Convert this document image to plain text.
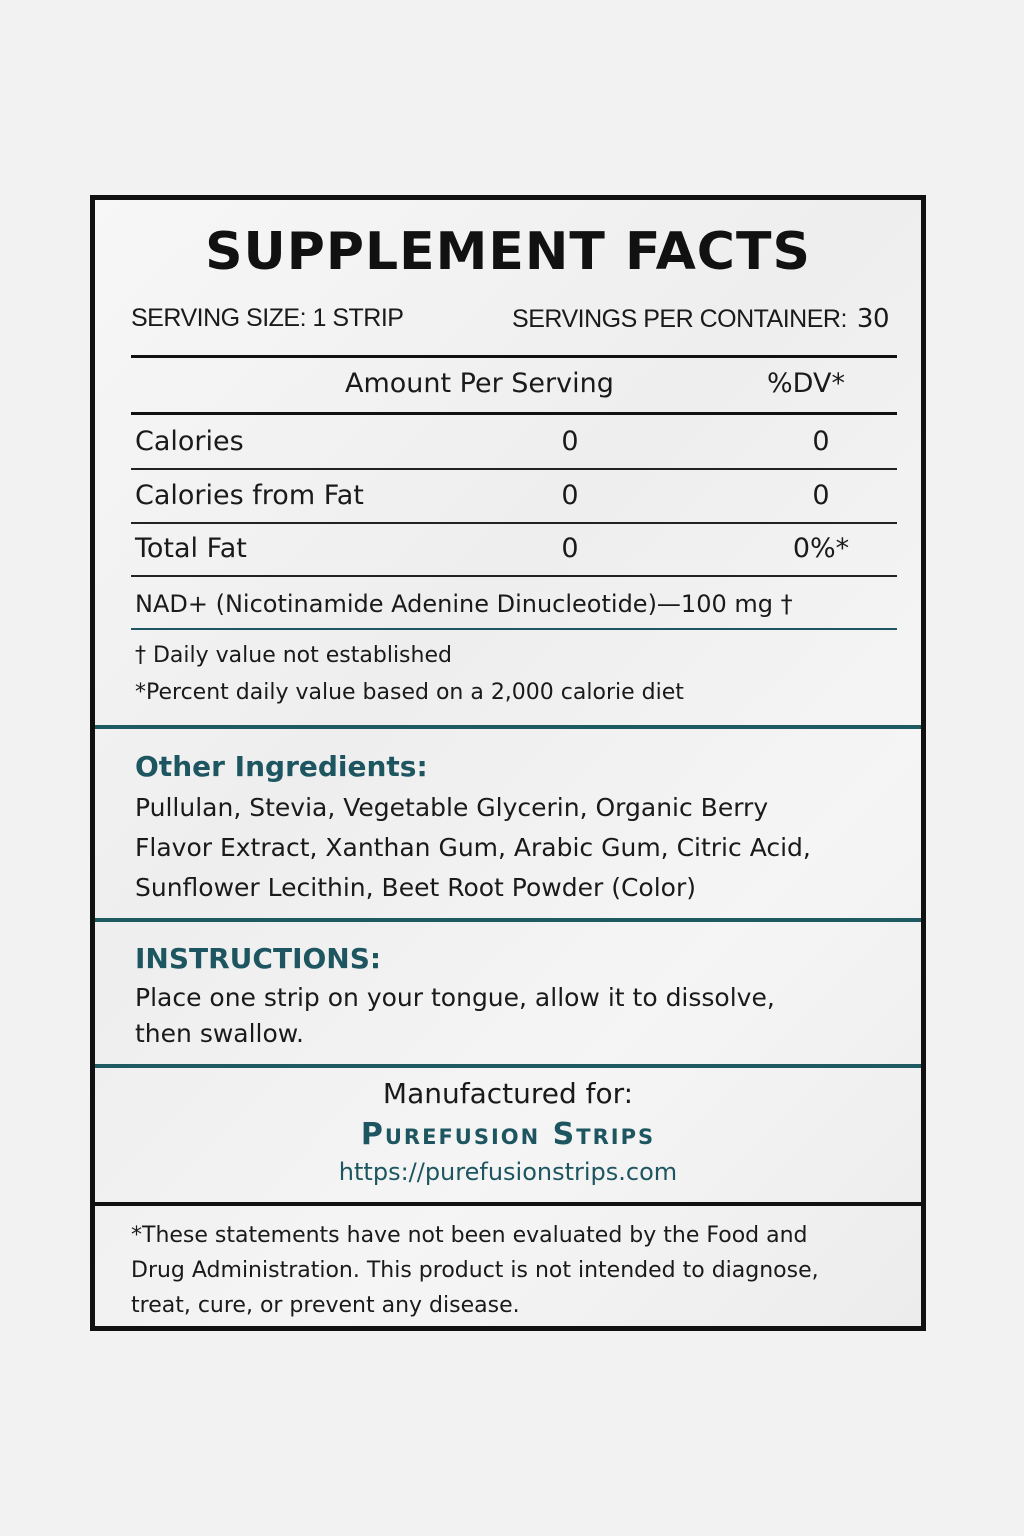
SUPPLEMENT FACTS
SERVING SIZE: 1 STRIP	SERVINGS PER CONTAINER: 30
Amount Per Serving	%DV*
Calories	0	0
Calories from Fat	0	0
Total Fat	0	0%*
NAD+ (Nicotinamide Adenine Dinucleotide)—100 mg †
† Daily value not established
*Percent daily value based on a 2,000 calorie diet
Other Ingredients:
Pullulan, Stevia, Vegetable Glycerin, Organic Berry
Flavor Extract, Xanthan Gum, Arabic Gum, Citric Acid,
Sunflower Lecithin, Beet Root Powder (Color)
INSTRUCTIONS:
Place one strip on your tongue, allow it to dissolve,
then swallow.
Manufactured for:
Purefusion Strips
https://purefusionstrips.com
*These statements have not been evaluated by the Food and
Drug Administration. This product is not intended to diagnose,
treat, cure, or prevent any disease.
